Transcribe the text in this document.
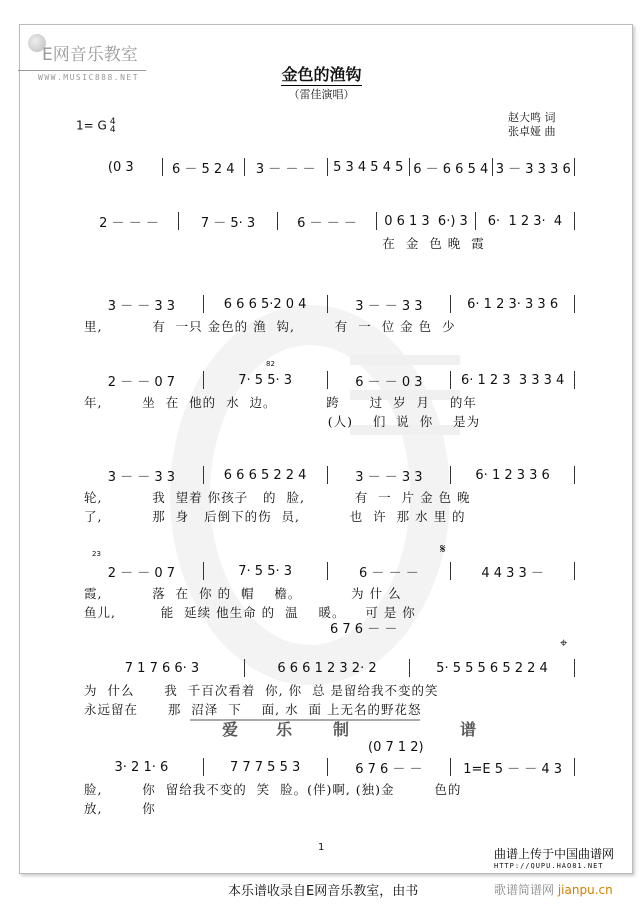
E网音乐教室
WWW.MUSIC888.NET	金色的渔钩
（雷佳演唱）
赵大鸣 词
张卓娅 曲
1= G 4
4
(0 3	6 － 5 2 4	3 － － －	5 3 4 5 4 5 6 － 6 6 5 4 3 － 3 3 3 6
2 － － －	7 － 5· 3	6 － － －	0 6 1 3  6·) 3	6·  1 2 3·  4
在  金  色 晚  霞
3 － － 3 3	6 6 6 5·2 0 4	3 － － 3 3	6· 1 2 3· 3 3 6
里,          有  一只 金色的 渔  钩,        有  一  位 金 色  少
2 － － 0 7	7· 5 5· 3	6 － － 0 3	6· 1 2 3  3 3 3 4
年,        坐  在  他的  水  边。          跨      过  岁  月    的年
(人)    们  说  你    是为
3 － － 3 3	6 6 6 5 2 2 4	3 － － 3 3	6· 1 2 3 3 6
轮,          我  望着 你孩子   的  脸,          有  一  片 金 色 晚
了,          那  身   后倒下的伤  员,          也  许  那 水 里 的
2 － － 0 7	7· 5 5· 3	6 － － －	4 4 3 3 －
霞,          落  在  你 的  帽    檐。          为 什 么
鱼儿,         能  延续 他生命 的  温    暖。    可 是 你
6 7 6 － －
7 1 7 6 6· 3	6 6 6 1 2 3 2· 2	5· 5 5 5 6 5 2 2 4
为  什么      我  千百次看着  你, 你  总 是留给我不变的笑
永远留在      那  沼泽  下    面, 水  面 上无名的野花怒
3· 2 1· 6	7 7 7 5 5 3	6 7 6 － －	1=E 5 － － 4 3
脸,        你  留给我不变的  笑  脸。(伴)啊, (独)金        色的
放,        你
(0 7 1 2)
𝄋
⌖
82
23
爱 乐	制	谱
1	曲谱上传于中国曲谱网
HTTP://QUPU.HAO81.NET
本乐谱收录自E网音乐教室，由书	歌谱简谱网 jianpu.cn
